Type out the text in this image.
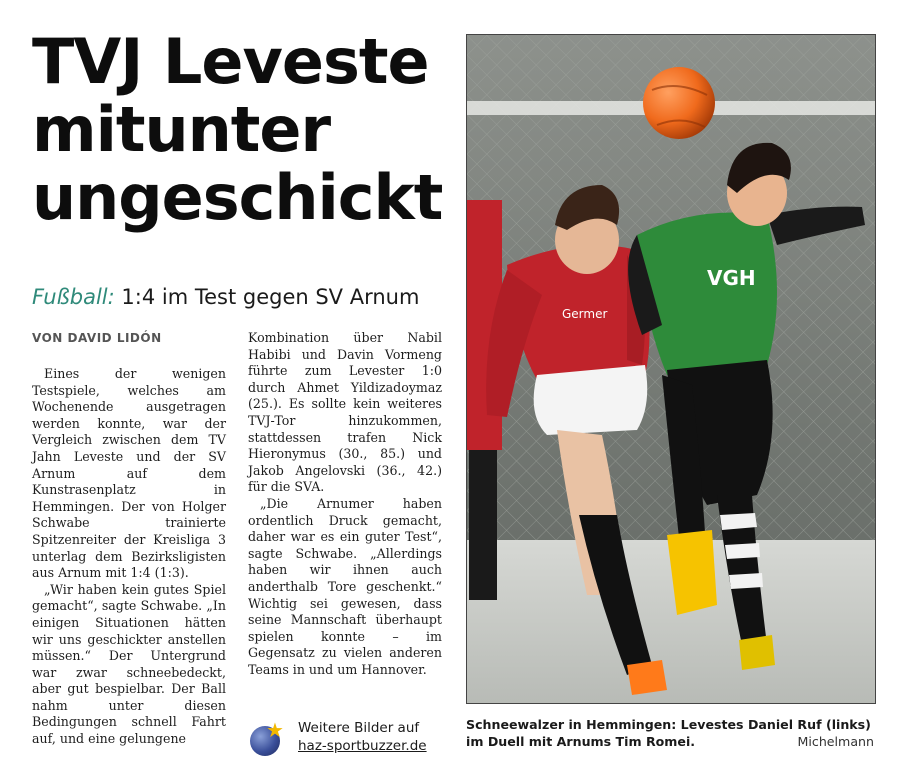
TVJ Leveste
mitunter
ungeschickt
Fußball: 1:4 im Test gegen SV Arnum
VON DAVID LIDÓN

Eines der wenigen Testspiele, welches am Wochenende ausgetragen werden konnte, war der Vergleich zwischen dem TV Jahn Leveste und der SV Arnum auf dem Kunstrasenplatz in Hemmingen. Der von Holger Schwabe trainierte Spitzenreiter der Kreisliga 3 unterlag dem Bezirksligisten aus Arnum mit 1:4 (1:3).

„Wir haben kein gutes Spiel gemacht“, sagte Schwabe. „In einigen Situationen hätten wir uns geschickter anstellen müssen.“ Der Untergrund war zwar schneebedeckt, aber gut bespielbar. Der Ball nahm unter diesen Bedingungen schnell Fahrt auf, und eine gelungene

Kombination über Nabil Habibi und Davin Vormeng führte zum Levester 1:0 durch Ahmet Yildizadoymaz (25.). Es sollte kein weiteres TVJ-Tor hinzukommen, stattdessen trafen Nick Hieronymus (30., 85.) und Jakob Angelovski (36., 42.) für die SVA.

„Die Arnumer haben ordentlich Druck gemacht, daher war es ein guter Test“, sagte Schwabe. „Allerdings haben wir ihnen auch anderthalb Tore geschenkt.“ Wichtig sei gewesen, dass seine Mannschaft überhaupt spielen konnte – im Gegensatz zu vielen anderen Teams in und um Hannover.

★ Weitere Bilder auf
haz-sportbuzzer.de
Germer
VGH
Schneewalzer in Hemmingen: Levestes Daniel Ruf (links) im Duell mit Arnums Tim Romei.	Michelmann
